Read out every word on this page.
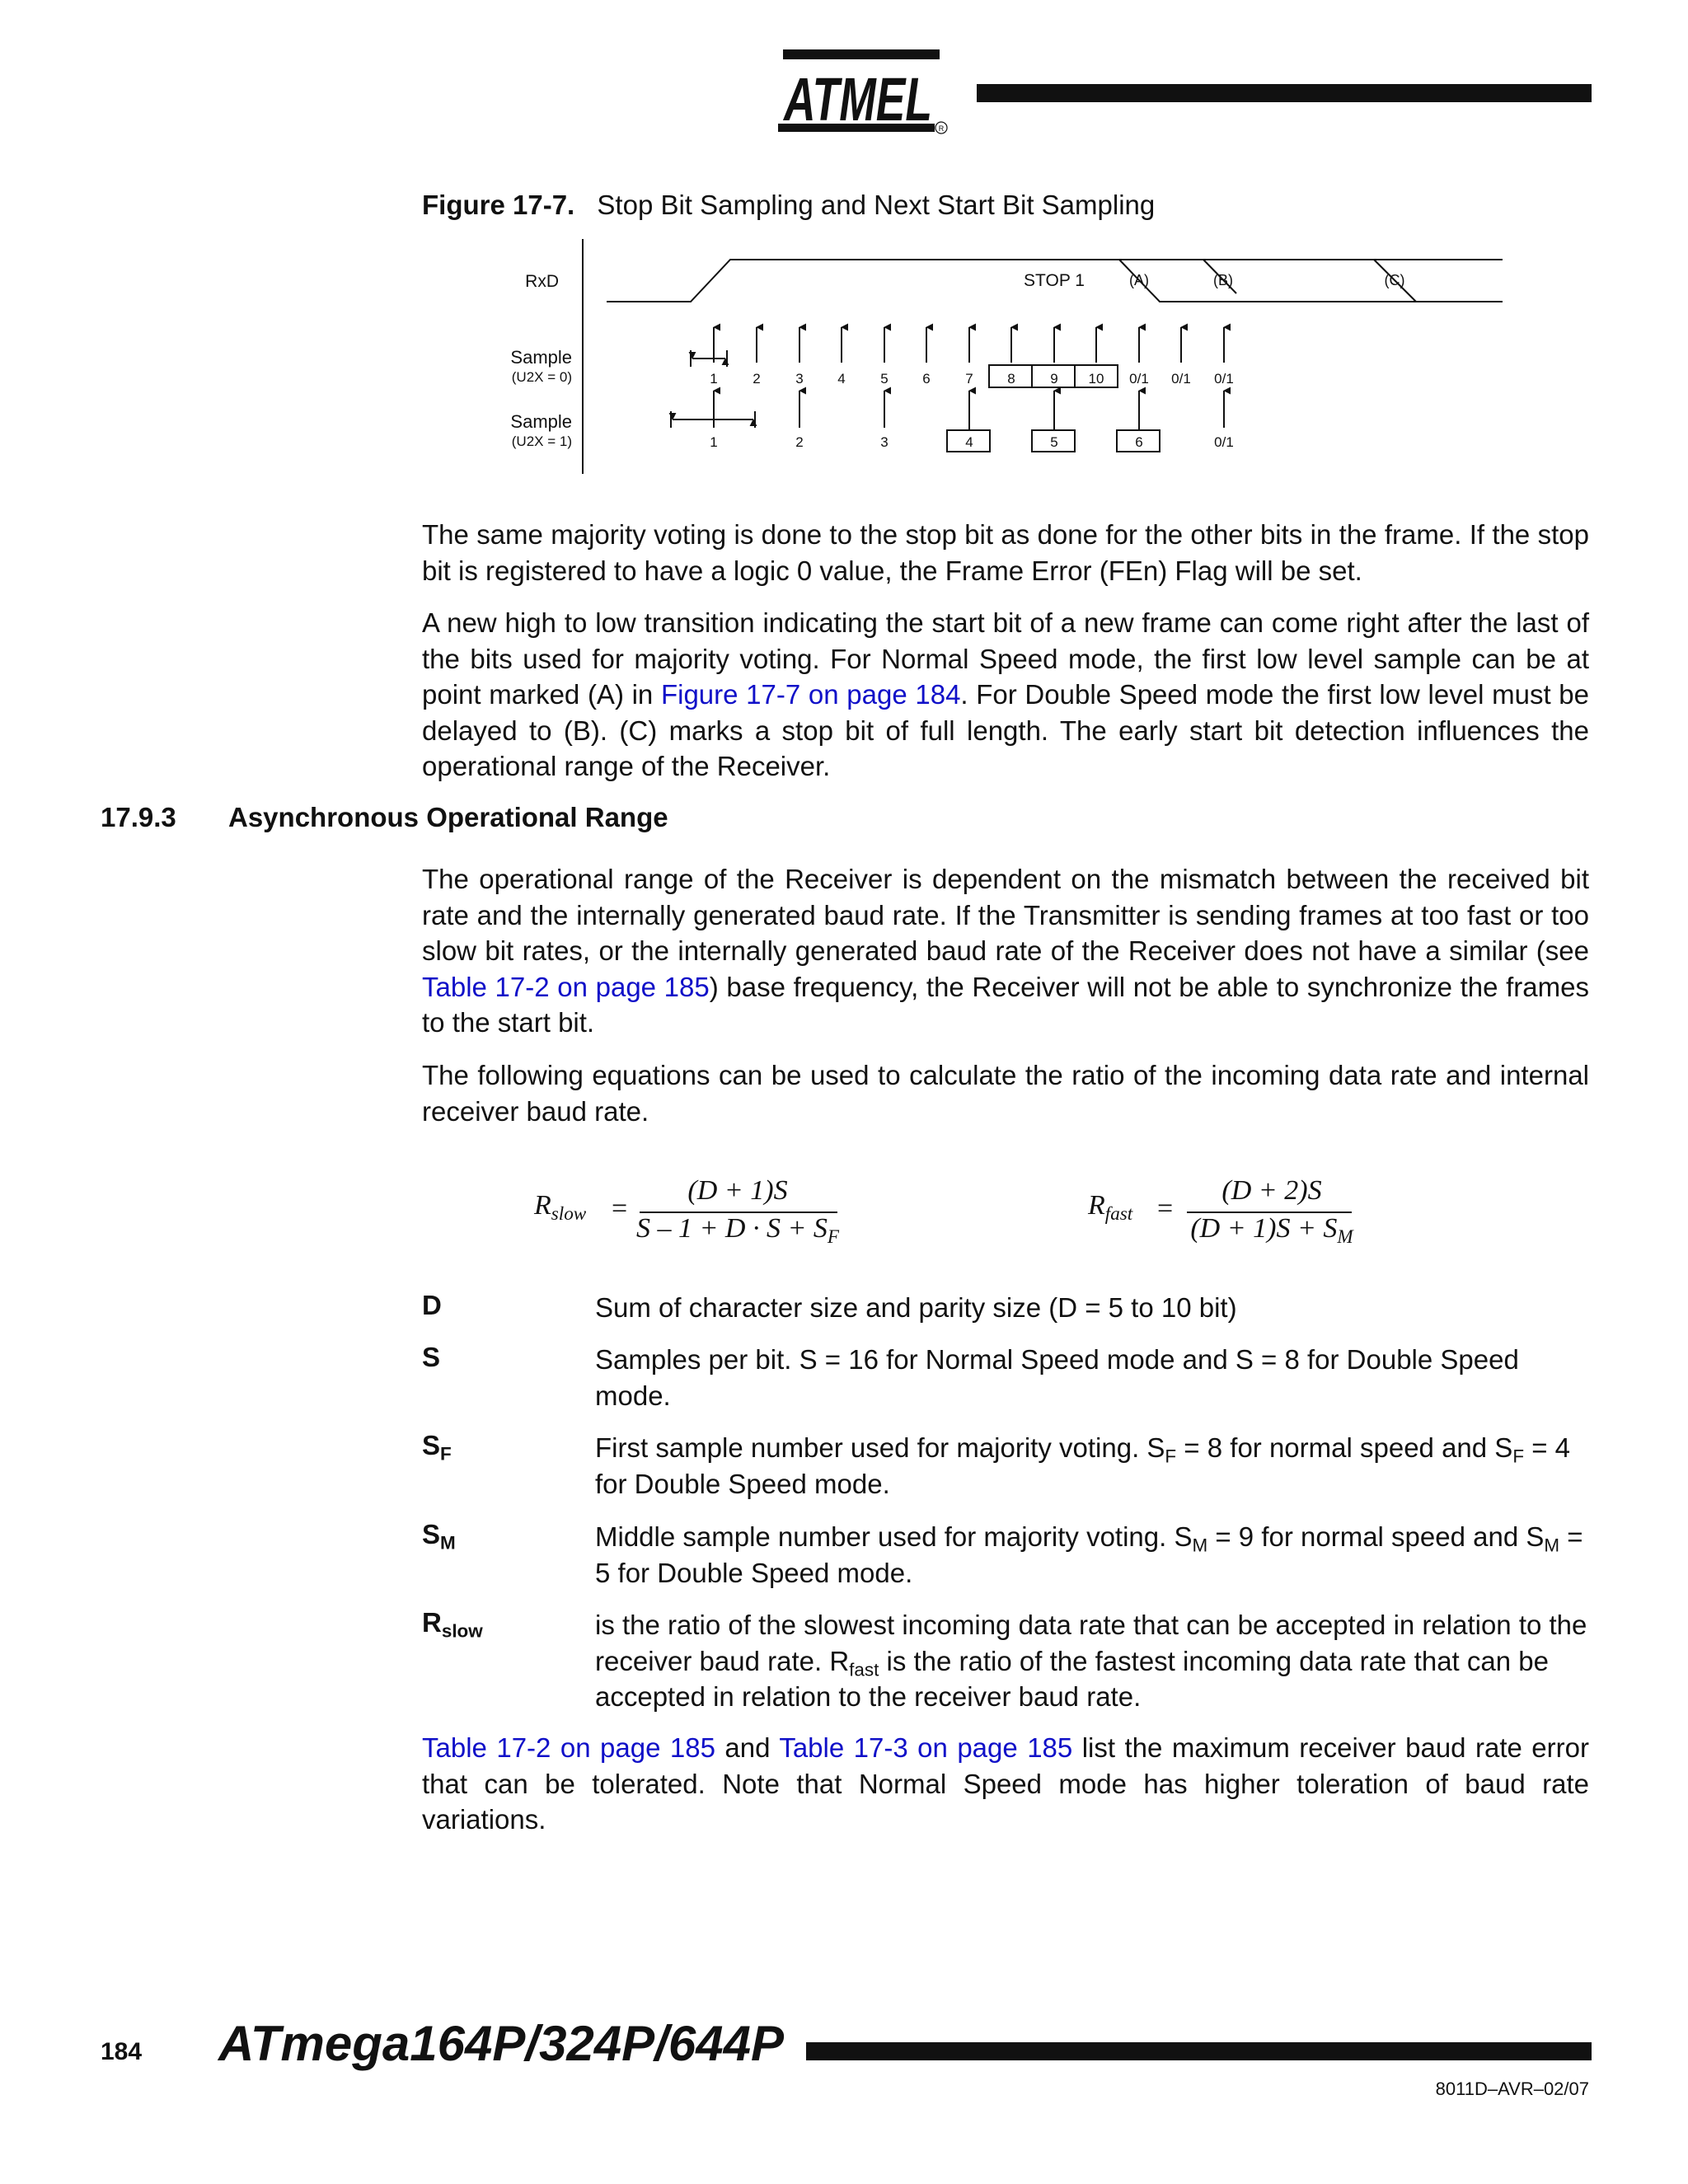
ATMEL R
Figure 17-7. Stop Bit Sampling and Next Start Bit Sampling
RxD	STOP 1	(A)	(B)	(C)
Sample
(U2X = 0)	1	2	3 4	5 6	7 8	9 10 0/1 0/1 0/1
Sample
(U2X = 1)	1	2	3	4	5	6	0/1
The same majority voting is done to the stop bit as done for the other bits in the frame. If the stop bit is registered to have a logic 0 value, the Frame Error (FEn) Flag will be set.
A new high to low transition indicating the start bit of a new frame can come right after the last of the bits used for majority voting. For Normal Speed mode, the first low level sample can be at point marked (A) in Figure 17-7 on page 184. For Double Speed mode the first low level must be delayed to (B). (C) marks a stop bit of full length. The early start bit detection influences the operational range of the Receiver.
17.9.3 Asynchronous Operational Range
The operational range of the Receiver is dependent on the mismatch between the received bit rate and the internally generated baud rate. If the Transmitter is sending frames at too fast or too slow bit rates, or the internally generated baud rate of the Receiver does not have a similar (see Table 17-2 on page 185) base frequency, the Receiver will not be able to synchronize the frames to the start bit.
The following equations can be used to calculate the ratio of the incoming data rate and internal receiver baud rate.
$R_{slow}$ =
(D + 1)S
$S - 1 + D \cdot S + S_F$
$R_{fast}$ =
(D + 2)S
$(D + 1)S + S_M$
D	Sum of character size and parity size (D = 5 to 10 bit)
S	Samples per bit. S = 16 for Normal Speed mode and S = 8 for Double Speed mode.
$S_F$	First sample number used for majority voting. $S_F = 8$ for normal speed and $S_F = 4$ for Double Speed mode.
$S_M$	Middle sample number used for majority voting. $S_M = 9$ for normal speed and $S_M = 5$ for Double Speed mode.
$R_{slow}$	is the ratio of the slowest incoming data rate that can be accepted in relation to the receiver baud rate. $R_{fast}$ is the ratio of the fastest incoming data rate that can be accepted in relation to the receiver baud rate.
Table 17-2 on page 185 and Table 17-3 on page 185 list the maximum receiver baud rate error that can be tolerated. Note that Normal Speed mode has higher toleration of baud rate variations.
184 ATmega164P/324P/644P
8011D–AVR–02/07
